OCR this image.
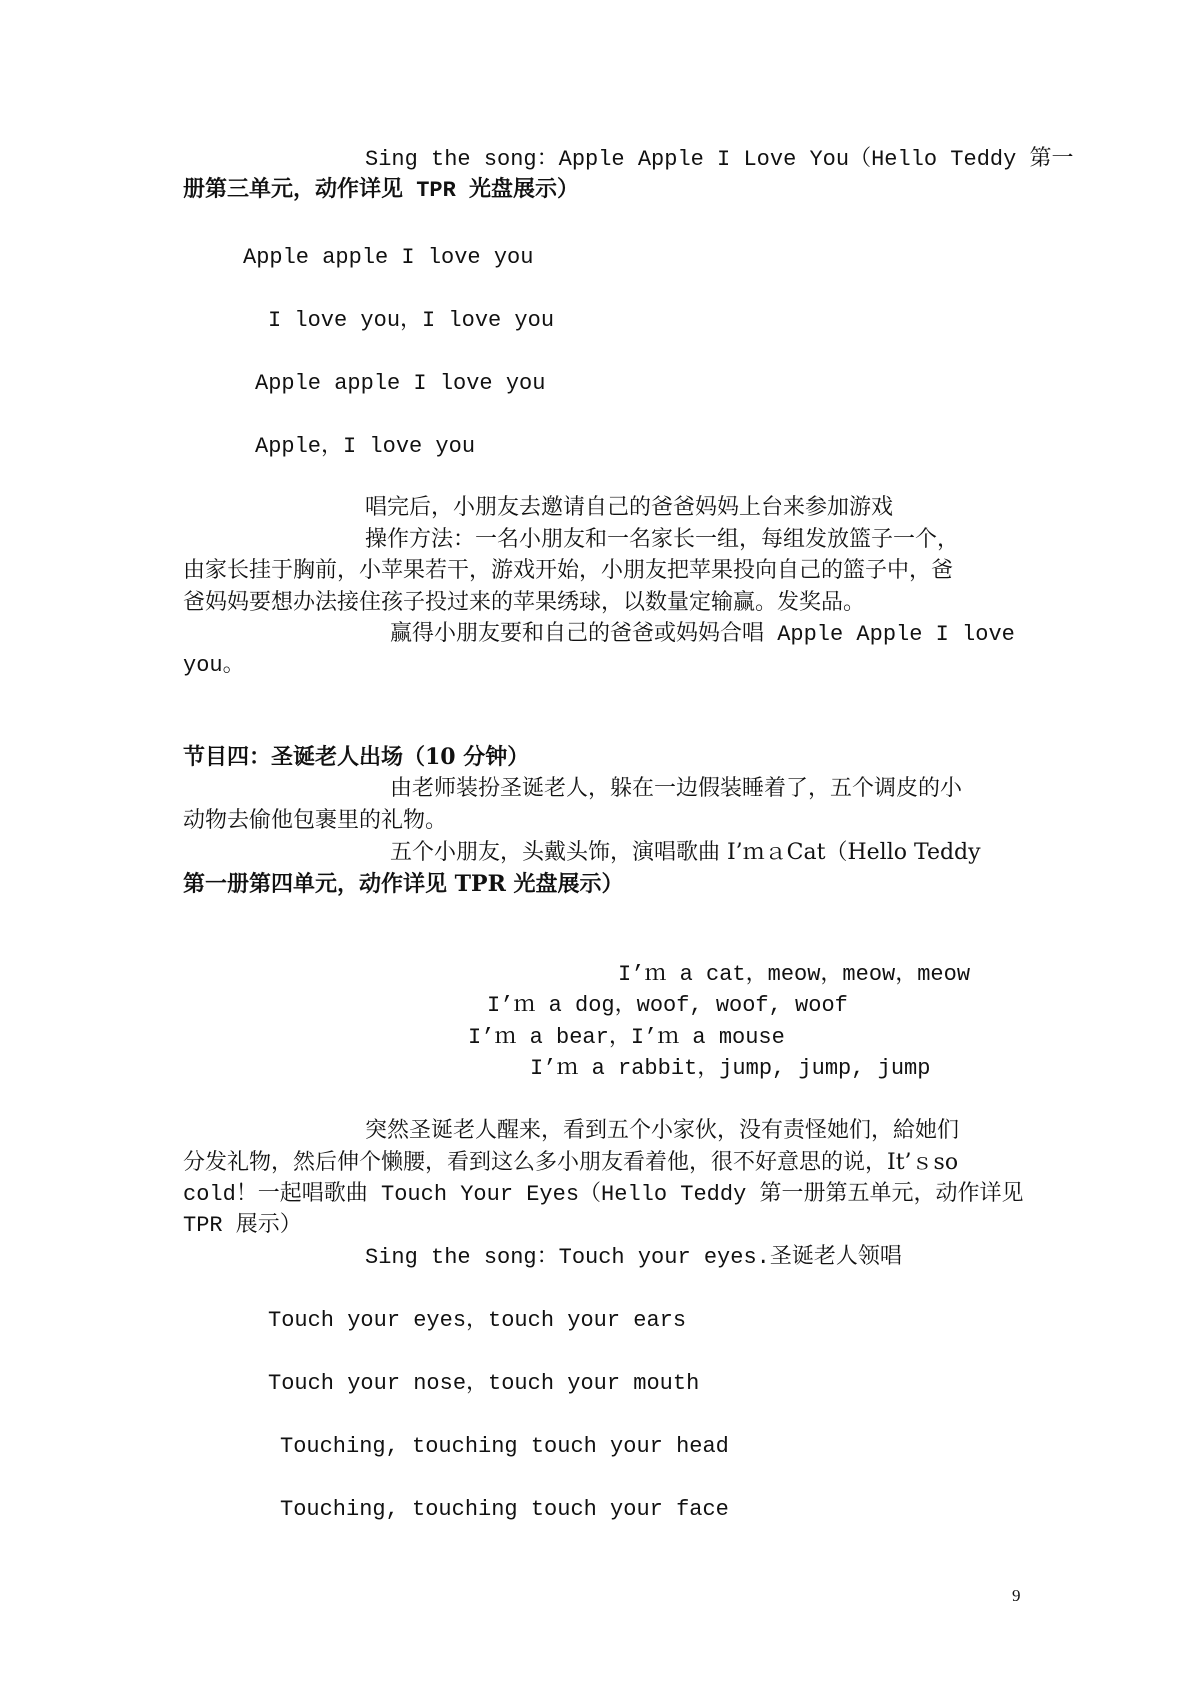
Sing the song：Apple Apple I Love You（Hello Teddy 第一
册第三单元，动作详见 TPR 光盘展示）
Apple apple I love you
I love you，I love you
Apple apple I love you
Apple，I love you
唱完后，小朋友去邀请自己的爸爸妈妈上台来参加游戏
操作方法：一名小朋友和一名家长一组，每组发放篮子一个，
由家长挂于胸前，小苹果若干，游戏开始，小朋友把苹果投向自己的篮子中，爸
爸妈妈要想办法接住孩子投过来的苹果绣球，以数量定输赢。发奖品。
赢得小朋友要和自己的爸爸或妈妈合唱 Apple Apple I love
you。
节目四：圣诞老人出场（10 分钟）
由老师装扮圣诞老人，躲在一边假装睡着了，五个调皮的小
动物去偷他包裹里的礼物。
五个小朋友，头戴头饰，演唱歌曲 I’ｍａCat（Hello Teddy
第一册第四单元，动作详见 TPR 光盘展示）
I’ｍ a cat，meow，meow，meow
I’ｍ a dog，woof, woof, woof
I’ｍ a bear，I’ｍ a mouse
I’ｍ a rabbit，jump, jump, jump
突然圣诞老人醒来，看到五个小家伙，没有责怪她们，給她们
分发礼物，然后伸个懒腰，看到这么多小朋友看着他，很不好意思的说，It’ｓso
cold！一起唱歌曲 Touch Your Eyes（Hello Teddy 第一册第五单元，动作详见
TPR 展示）
Sing the song：Touch your eyes.圣诞老人领唱
Touch your eyes，touch your ears
Touch your nose，touch your mouth
Touching, touching touch your head
Touching, touching touch your face
9
